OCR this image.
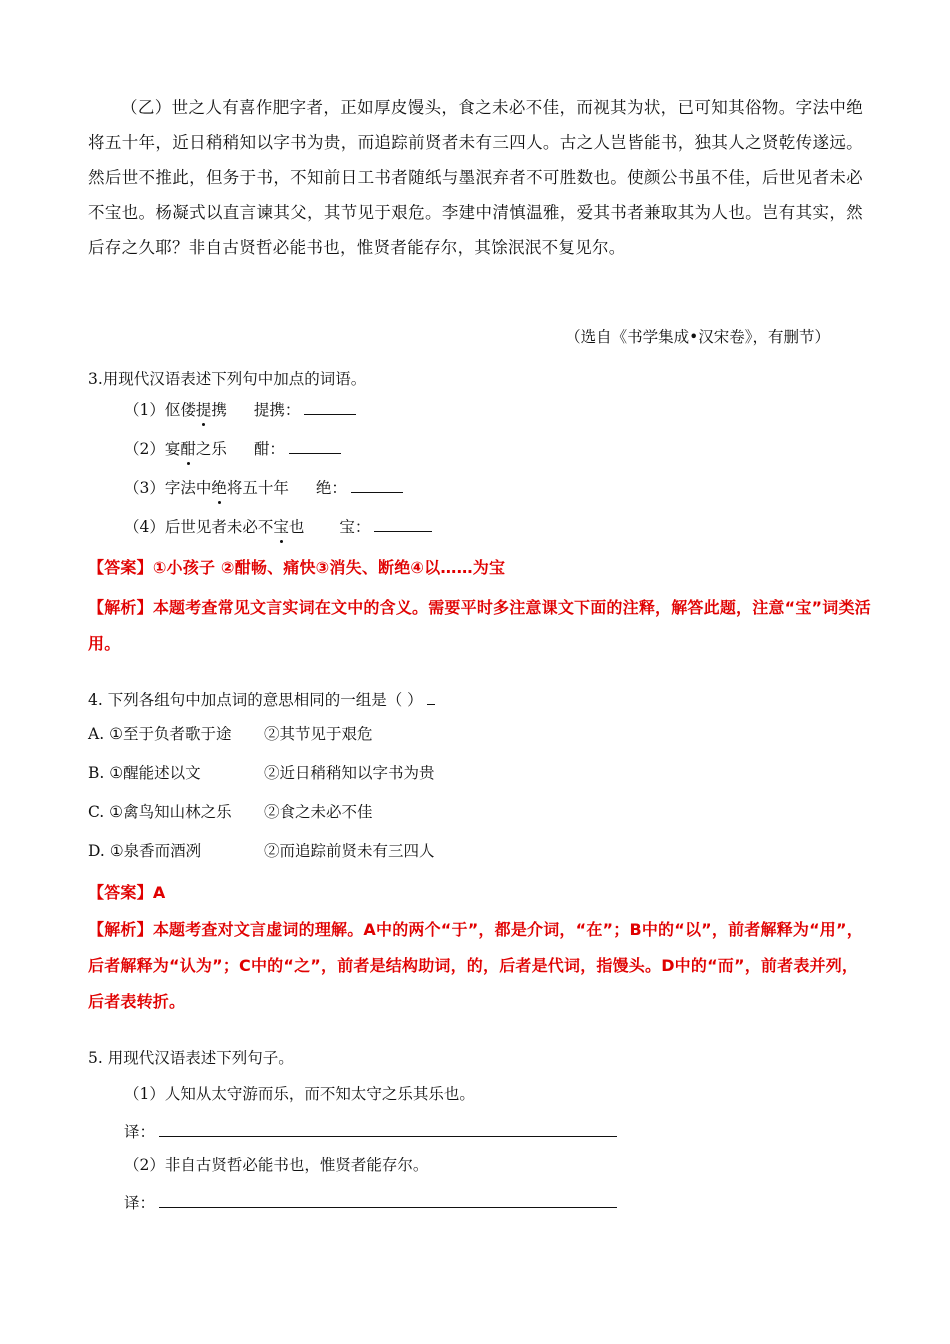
（乙）世之人有喜作肥字者，正如厚皮馒头，食之未必不佳，而视其为状，已可知其俗物。字法中绝将五十年，近日稍稍知以字书为贵，而追踪前贤者未有三四人。古之人岂皆能书，独其人之贤乾传遂远。然后世不推此，但务于书，不知前日工书者随纸与墨泯弃者不可胜数也。使颜公书虽不佳，后世见者未必不宝也。杨凝式以直言谏其父，其节见于艰危。李建中清慎温雅，爱其书者兼取其为人也。岂有其实，然后存之久耶？非自古贤哲必能书也，惟贤者能存尔，其馀泯泯不复见尔。

（选自《书学集成•汉宋卷》，有删节）
3.用现代汉语表述下列句中加点的词语。
（1）伛偻提携 提携：
（2）宴酣之乐 酣：
（3）字法中绝将五十年 绝：
（4）后世见者未必不宝也 宝：
【答案】①小孩子 ②酣畅、痛快③消失、断绝④以……为宝
【解析】本题考查常见文言实词在文中的含义。需要平时多注意课文下面的注释，解答此题，注意“宝”词类活用。
4. 下列各组句中加点词的意思相同的一组是（ ）
A. ①至于负者歌于途 ②其节见于艰危
B. ①醒能述以文	②近日稍稍知以字书为贵
C. ①禽鸟知山林之乐 ②食之未必不佳
D. ①泉香而酒冽	②而追踪前贤未有三四人
【答案】A
【解析】本题考查对文言虚词的理解。A中的两个“于”，都是介词，“在”；B中的“以”，前者解释为“用”，后者解释为“认为”；C中的“之”，前者是结构助词，的，后者是代词，指馒头。D中的“而”，前者表并列，后者表转折。
5. 用现代汉语表述下列句子。
（1）人知从太守游而乐，而不知太守之乐其乐也。
译：
（2）非自古贤哲必能书也，惟贤者能存尔。
译：
